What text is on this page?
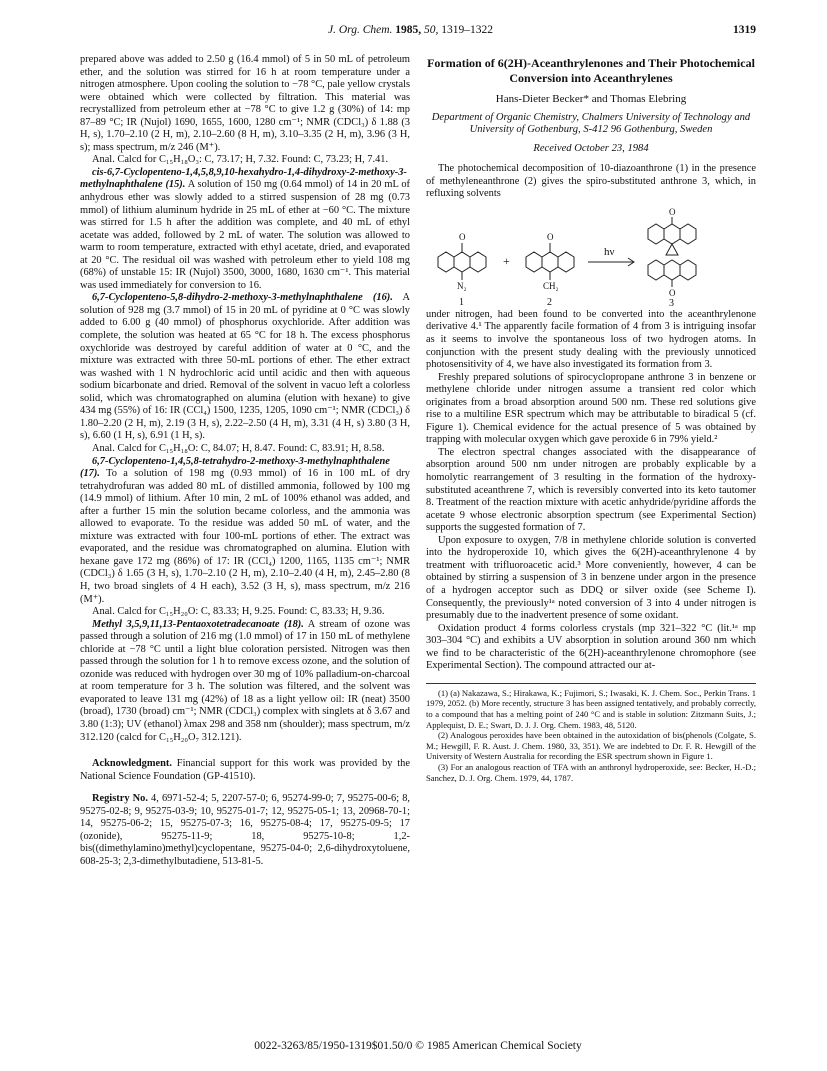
J. Org. Chem. 1985, 50, 1319–1322	1319

prepared above was added to 2.50 g (16.4 mmol) of 5 in 50 mL of petroleum ether, and the solution was stirred for 16 h at room temperature under a nitrogen atmosphere. Upon cooling the solution to −78 °C, pale yellow crystals were obtained which were collected by filtration. This material was recrystallized from petroleum ether at −78 °C to give 1.2 g (30%) of 14: mp 87–89 °C; IR (Nujol) 1690, 1655, 1600, 1280 cm⁻¹; NMR (CDCl₃) δ 1.88 (3 H, s), 1.70–2.10 (2 H, m), 2.10–2.60 (8 H, m), 3.10–3.35 (2 H, m), 3.96 (3 H, s); mass spectrum, m/z 246 (M⁺).

Anal. Calcd for C₁₅H₁₈O₃: C, 73.17; H, 7.32. Found: C, 73.23; H, 7.41.

cis-6,7-Cyclopenteno-1,4,5,8,9,10-hexahydro-1,4-dihydroxy-2-methoxy-3-methylnaphthalene (15). A solution of 150 mg (0.64 mmol) of 14 in 20 mL of anhydrous ether was slowly added to a stirred suspension of 28 mg (0.73 mmol) of lithium aluminum hydride in 25 mL of ether at −60 °C. The mixture was stirred for 1.5 h after the addition was complete, and 40 mL of ethyl acetate was added, followed by 2 mL of water. The solution was allowed to warm to room temperature, extracted with ethyl acetate, dried, and evaporated at 20 °C. The residual oil was washed with petroleum ether to yield 108 mg (68%) of unstable 15: IR (Nujol) 3500, 3000, 1680, 1630 cm⁻¹. This material was used immediately for conversion to 16.

6,7-Cyclopenteno-5,8-dihydro-2-methoxy-3-methylnaphthalene (16). A solution of 928 mg (3.7 mmol) of 15 in 20 mL of pyridine at 0 °C was slowly added to 6.00 g (40 mmol) of phosphorus oxychloride. After addition was complete, the solution was heated at 65 °C for 18 h. The excess phosphorus oxychloride was destroyed by careful addition of water at 0 °C, and the mixture was extracted with three 50-mL portions of ether. The ether extract was washed with 1 N hydrochloric acid until acidic and then with aqueous sodium bicarbonate and dried. Removal of the solvent in vacuo left a colorless solid, which was chromatographed on alumina (elution with hexane) to give 434 mg (55%) of 16: IR (CCl₄) 1500, 1235, 1205, 1090 cm⁻¹; NMR (CDCl₃) δ 1.80–2.20 (2 H, m), 2.19 (3 H, s), 2.22–2.50 (4 H, m), 3.31 (4 H, s) 3.80 (3 H, s), 6.60 (1 H, s), 6.91 (1 H, s).

Anal. Calcd for C₁₅H₁₈O: C, 84.07; H, 8.47. Found: C, 83.91; H, 8.58.

6,7-Cyclopenteno-1,4,5,8-tetrahydro-2-methoxy-3-methylnaphthalene (17). To a solution of 198 mg (0.93 mmol) of 16 in 100 mL of dry tetrahydrofuran was added 80 mL of distilled ammonia, followed by 100 mg (14.9 mmol) of lithium. After 10 min, 2 mL of 100% ethanol was added, and after a further 15 min the solution became colorless, and the ammonia was allowed to evaporate. To the residue was added 50 mL of water, and the mixture was extracted with four 100-mL portions of ether. The extract was evaporated, and the residue was chromatographed on alumina. Elution with hexane gave 172 mg (86%) of 17: IR (CCl₄) 1200, 1165, 1135 cm⁻¹; NMR (CDCl₃) δ 1.65 (3 H, s), 1.70–2.10 (2 H, m), 2.10–2.40 (4 H, m), 2.45–2.80 (8 H, two broad singlets of 4 H each), 3.52 (3 H, s), mass spectrum, m/z 216 (M⁺).

Anal. Calcd for C₁₅H₂₀O: C, 83.33; H, 9.25. Found: C, 83.33; H, 9.36.

Methyl 3,5,9,11,13-Pentaoxotetradecanoate (18). A stream of ozone was passed through a solution of 216 mg (1.0 mmol) of 17 in 150 mL of methylene chloride at −78 °C until a light blue coloration persisted. Nitrogen was then passed through the solution for 1 h to remove excess ozone, and the solution of ozonide was reduced with hydrogen over 30 mg of 10% palladium-on-charcoal at room temperature for 3 h. The solution was filtered, and the solvent was evaporated to leave 131 mg (42%) of 18 as a light yellow oil: IR (neat) 3500 (broad), 1730 (broad) cm⁻¹; NMR (CDCl₃) complex with singlets at δ 3.67 and 3.80 (1:3); UV (ethanol) λmax 298 and 358 nm (shoulder); mass spectrum, m/z 312.120 (calcd for C₁₅H₂₀O₇ 312.121).

Acknowledgment. Financial support for this work was provided by the National Science Foundation (GP-41510).

Registry No. 4, 6971-52-4; 5, 2207-57-0; 6, 95274-99-0; 7, 95275-00-6; 8, 95275-02-8; 9, 95275-03-9; 10, 95275-01-7; 12, 95275-05-1; 13, 20968-70-1; 14, 95275-06-2; 15, 95275-07-3; 16, 95275-08-4; 17, 95275-09-5; 17 (ozonide), 95275-11-9; 18, 95275-10-8; 1,2-bis((dimethylamino)methyl)cyclopentane, 95275-04-0; 2,6-dihydroxytoluene, 608-25-3; 2,3-dimethylbutadiene, 513-81-5.

Formation of 6(2H)-Aceanthrylenones and Their Photochemical Conversion into Aceanthrylenes
Hans-Dieter Becker* and Thomas Elebring
Department of Organic Chemistry, Chalmers University of Technology and University of Gothenburg, S-412 96 Gothenburg, Sweden
Received October 23, 1984

The photochemical decomposition of 10-diazoanthrone (1) in the presence of methyleneanthrone (2) gives the spiro-substituted anthrone 3, which, in refluxing solvents

O
N₂
+
O
CH₂
hν
O
O
1	2	3

under nitrogen, had been found to be converted into the aceanthrylenone derivative 4.¹ The apparently facile formation of 4 from 3 is intriguing insofar as it seems to involve the spontaneous loss of two hydrogen atoms. In conjunction with the present study dealing with the previously unnoticed photosensitivity of 4, we have also investigated its formation from 3.

Freshly prepared solutions of spirocyclopropane anthrone 3 in benzene or methylene chloride under nitrogen assume a transient red color which originates from a broad absorption around 500 nm. These red solutions give rise to a multiline ESR spectrum which may be attributable to biradical 5 (cf. Figure 1). Chemical evidence for the actual presence of 5 was obtained by trapping with molecular oxygen which gave peroxide 6 in 79% yield.²

The electron spectral changes associated with the disappearance of absorption around 500 nm under nitrogen are probably explicable by a homolytic rearrangement of 3 resulting in the formation of the hydroxy-substituted aceanthrene 7, which is reversibly converted into its keto tautomer 8. Treatment of the reaction mixture with acetic anhydride/pyridine affords the acetate 9 whose electronic absorption spectrum (see Experimental Section) supports the suggested formation of 7.

Upon exposure to oxygen, 7/8 in methylene chloride solution is converted into the hydroperoxide 10, which gives the 6(2H)-aceanthrylenone 4 by treatment with trifluoroacetic acid.³ More conveniently, however, 4 can be obtained by stirring a suspension of 3 in benzene under argon in the presence of a hydrogen acceptor such as DDQ or silver oxide (see Scheme I). Consequently, the previously¹ᵃ noted conversion of 3 into 4 under nitrogen is presumably due to the inadvertent presence of some oxidant.

Oxidation product 4 forms colorless crystals (mp 321–322 °C (lit.¹ᵃ mp 303–304 °C) and exhibits a UV absorption in solution around 360 nm which we find to be characteristic of the 6(2H)-aceanthrylenone chromophore (see Experimental Section). The compound attracted our at-

(1) (a) Nakazawa, S.; Hirakawa, K.; Fujimori, S.; Iwasaki, K. J. Chem. Soc., Perkin Trans. 1 1979, 2052. (b) More recently, structure 3 has been assigned tentatively, and probably correctly, to a compound that has a melting point of 240 °C and is stable in solution: Zitzmann Suits, J.; Applequist, D. E.; Swart, D. J. J. Org. Chem. 1983, 48, 5120.

(2) Analogous peroxides have been obtained in the autoxidation of bis(phenols (Colgate, S. M.; Hewgill, F. R. Aust. J. Chem. 1980, 33, 351). We are indebted to Dr. F. R. Hewgill of the University of Western Australia for recording the ESR spectrum shown in Figure 1.

(3) For an analogous reaction of TFA with an anthronyl hydroperoxide, see: Becker, H.-D.; Sanchez, D. J. Org. Chem. 1979, 44, 1787.

0022-3263/85/1950-1319$01.50/0 © 1985 American Chemical Society
